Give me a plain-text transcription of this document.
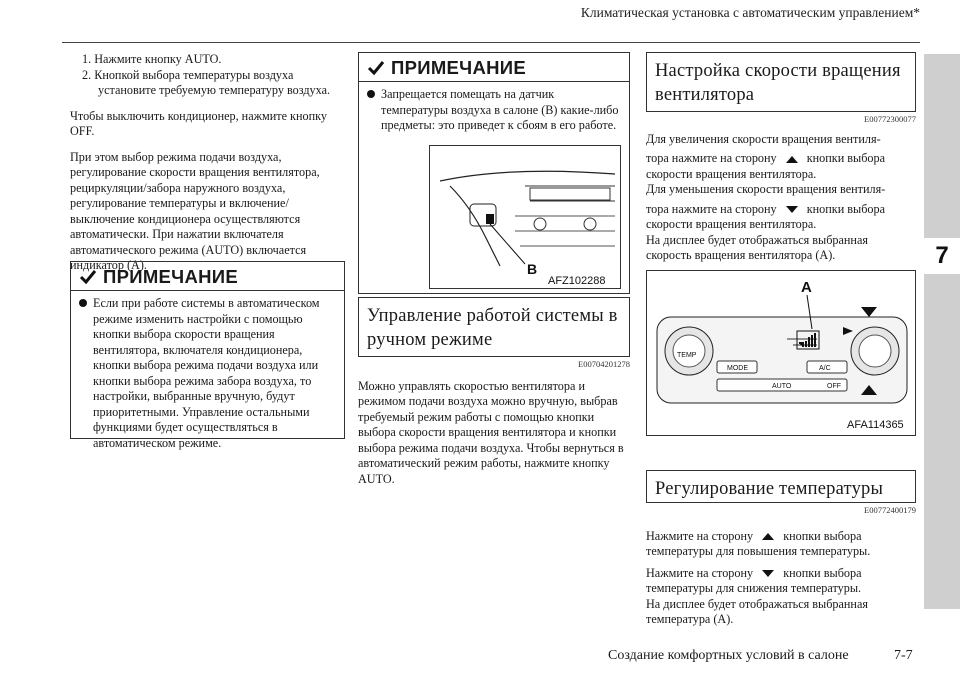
Климатическая установка с автоматическим управлением*
7
1. Нажмите кнопку AUTO.
2. Кнопкой выбора температуры воздуха установите требуемую температуру воздуха.

Чтобы выключить кондиционер, нажмите кнопку OFF.

При этом выбор режима подачи воздуха, регулирование скорости вращения вентилятора, рециркуляции/забора наружного воздуха, регулирование температуры и включение/выключение кондиционера осуществляются автоматически. При нажатии включателя автоматического режима (AUTO) включается индикатор (A).

ПРИМЕЧАНИЕ
Если при работе системы в автоматическом режиме изменить настройки с помощью кнопки выбора скорости вращения вентилятора, включателя кондиционера, кнопки выбора режима подачи воздуха или кнопки выбора режима забора воздуха, то настройки, выбранные вручную, будут приоритетными. Управление остальными функциями будет осуществляться в автоматическом режиме.
ПРИМЕЧАНИЕ
Запрещается помещать на датчик температуры воздуха в салоне (B) какие-либо предметы: это приведет к сбоям в его работе.
AFZ102288
B
Управление работой системы в ручном режиме
E00704201278

Можно управлять скоростью вентилятора и режимом подачи воздуха можно вручную, выбрав требуемый режим работы с помощью кнопки выбора скорости вращения вентилятора и кнопки выбора режима подачи воздуха. Чтобы вернуться в автоматический режим работы, нажмите кнопку AUTO.

Настройка скорости вращения вентилятора
E00772300077
Для увеличения скорости вращения вентиля-
тора нажмите на сторону кнопки выбора скорости вращения вентилятора.
Для уменьшения скорости вращения вентиля-
тора нажмите на сторону кнопки выбора скорости вращения вентилятора.
На дисплее будет отображаться выбранная скорость вращения вентилятора (A).
A
TEMP
MODE	A/C
AUTO	OFF
AFA114365
Регулирование температуры
E00772400179
Нажмите на сторону кнопки выбора температуры для повышения температуры.
Нажмите на сторону кнопки выбора температуры для снижения температуры.
На дисплее будет отображаться выбранная температура (A).
Создание комфортных условий в салоне	7-7
